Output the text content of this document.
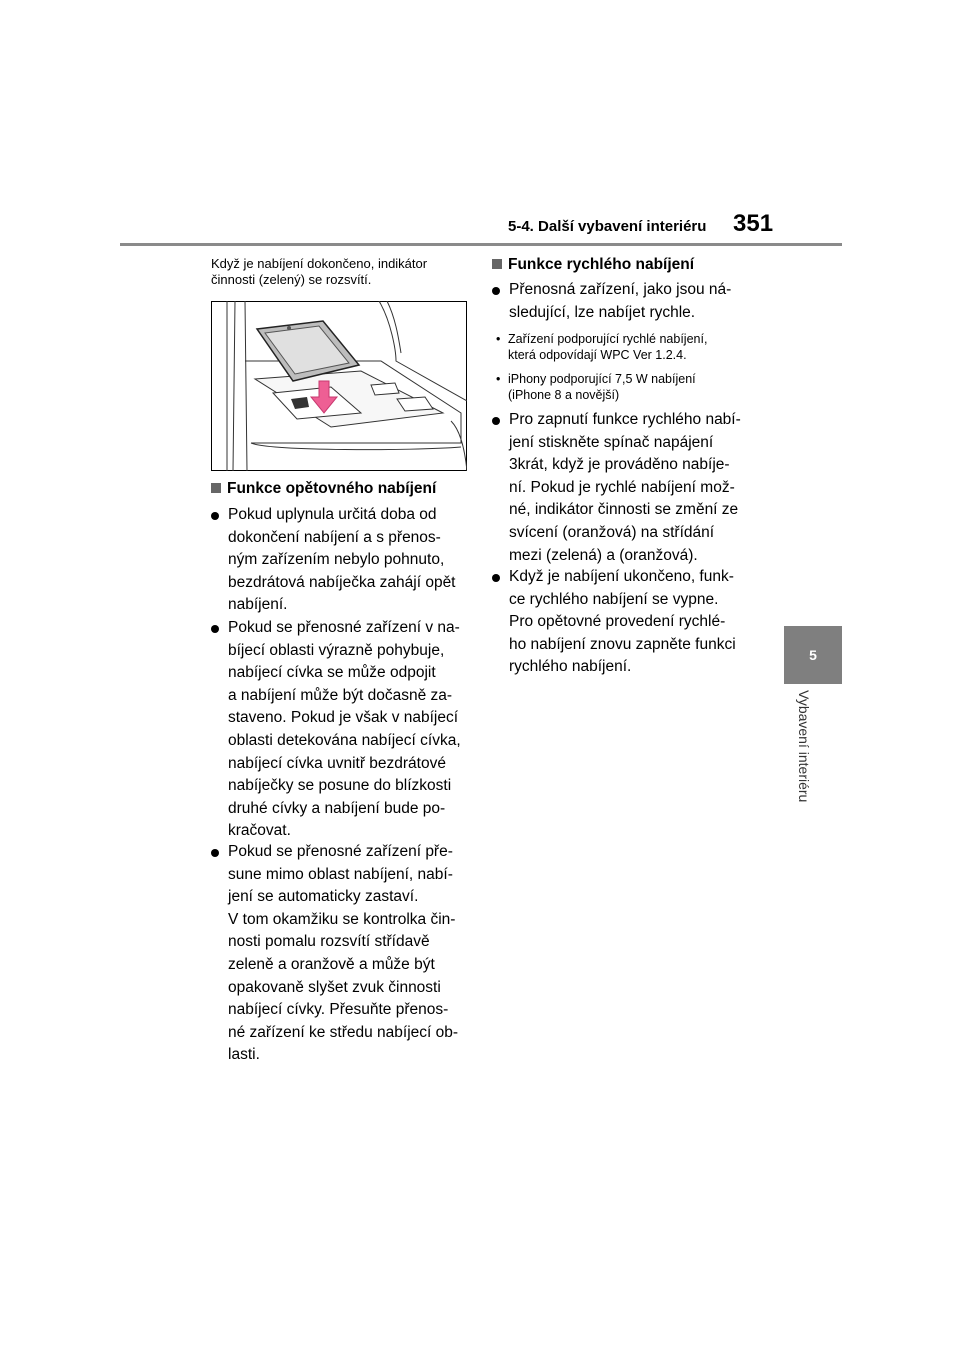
5-4. Další vybavení interiéru 351
5
Vybavení interiéru
Když je nabíjení dokončeno, indikátor
činnosti (zelený) se rozsvítí.
Funkce opětovného nabíjení
Pokud uplynula určitá doba od
dokončení nabíjení a s přenos-
ným zařízením nebylo pohnuto,
bezdrátová nabíječka zahájí opět
nabíjení.
Pokud se přenosné zařízení v na-
bíjecí oblasti výrazně pohybuje,
nabíjecí cívka se může odpojit
a nabíjení může být dočasně za-
staveno. Pokud je však v nabíjecí
oblasti detekována nabíjecí cívka,
nabíjecí cívka uvnitř bezdrátové
nabíječky se posune do blízkosti
druhé cívky a nabíjení bude po-
kračovat.
Pokud se přenosné zařízení pře-
sune mimo oblast nabíjení, nabí-
jení se automaticky zastaví.
V tom okamžiku se kontrolka čin-
nosti pomalu rozsvítí střídavě
zeleně a oranžově a může být
opakovaně slyšet zvuk činnosti
nabíjecí cívky. Přesuňte přenos-
né zařízení ke středu nabíjecí ob-
lasti.
Funkce rychlého nabíjení
Přenosná zařízení, jako jsou ná-
sledující, lze nabíjet rychle.
• Zařízení podporující rychlé nabíjení,
která odpovídají WPC Ver 1.2.4.
• iPhony podporující 7,5 W nabíjení
(iPhone 8 a novější)
Pro zapnutí funkce rychlého nabí-
jení stiskněte spínač napájení
3krát, když je prováděno nabíje-
ní. Pokud je rychlé nabíjení mož-
né, indikátor činnosti se změní ze
svícení (oranžová) na střídání
mezi (zelená) a (oranžová).
Když je nabíjení ukončeno, funk-
ce rychlého nabíjení se vypne.
Pro opětovné provedení rychlé-
ho nabíjení znovu zapněte funkci
rychlého nabíjení.
